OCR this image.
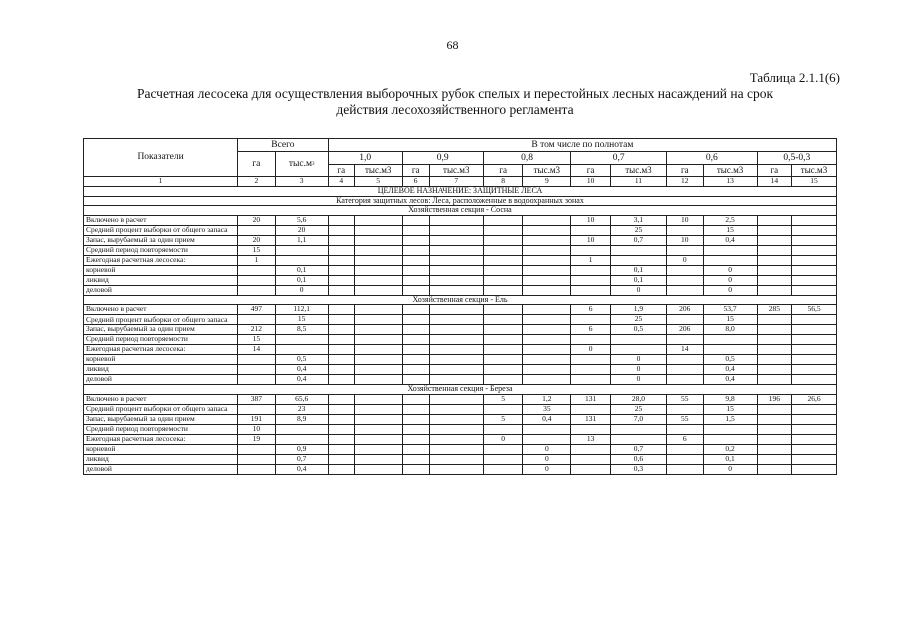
68
Таблица 2.1.1(6)
Расчетная лесосека для осуществления выборочных рубок спелых и перестойных лесных насаждений на срок
действия лесохозяйственного регламента
Показатели	Всего		В том числе по полнотам											
	га	$тыс.м^3$	1,0		0,9		0,8		0,7		0,6		0,5-0,3	
			га	тыс.м3	га	тыс.м3	га	тыс.м3	га	тыс.м3	га	тыс.м3	га	тыс.м3
1	2	3	4	5	6	7	8	9	10	11	12	13	14	15
ЦЕЛЕВОЕ НАЗНАЧЕНИЕ: ЗАЩИТНЫЕ ЛЕСА														
Категория защитных лесов: Леса, расположенные в водоохранных зонах														
Хозяйственная секция - Сосна														
Включено в расчет	20	5,6							10	3,1	10	2,5		
Средний процент выборки от общего запаса		20								25		15		
Запас, вырубаемый за один прием	20	1,1							10	0,7	10	0,4		
Средний период повторяемости	15													
Ежегодная расчетная лесосека:	1								1		0			
корневой		0,1								0,1		0		
ликвид		0,1								0,1		0		
деловой		0								0		0		
Хозяйственная секция - Ель														
Включено в расчет	497	112,1							6	1,9	206	53,7	285	56,5
Средний процент выборки от общего запаса		15								25		15		
Запас, вырубаемый за один прием	212	8,5							6	0,5	206	8,0		
Средний период повторяемости	15													
Ежегодная расчетная лесосека:	14								0		14			
корневой		0,5								0		0,5		
ликвид		0,4								0		0,4		
деловой		0,4								0		0,4		
Хозяйственная секция - Береза														
Включено в расчет	387	65,6					5	1,2	131	28,0	55	9,8	196	26,6
Средний процент выборки от общего запаса		23						35		25		15		
Запас, вырубаемый за один прием	191	8,9					5	0,4	131	7,0	55	1,5		
Средний период повторяемости	10													
Ежегодная расчетная лесосека:	19						0		13		6			
корневой		0,9						0		0,7		0,2		
ликвид		0,7						0		0,6		0,1		
деловой		0,4						0		0,3		0		
